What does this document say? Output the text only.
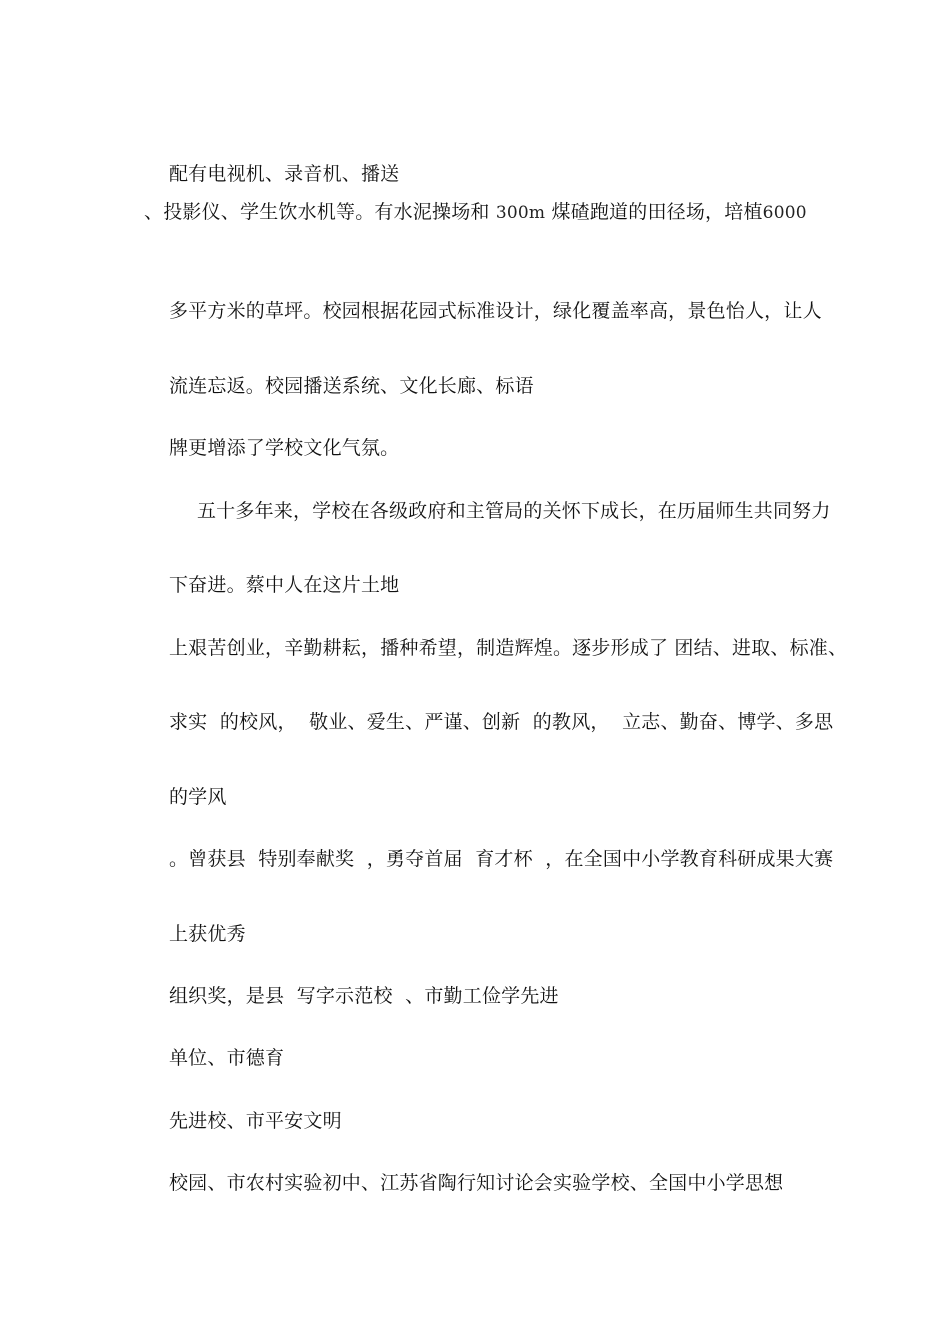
配有电视机、录音机、播送

、投影仪、学生饮水机等。有水泥操场和 300m 煤碴跑道的田径场，培植6000

多平方米的草坪。校园根据花园式标准设计，绿化覆盖率高，景色怡人，让人

流连忘返。校园播送系统、文化长廊、标语

牌更增添了学校文化气氛。

五十多年来，学校在各级政府和主管局的关怀下成长，在历届师生共同努力

下奋进。蔡中人在这片土地

上艰苦创业，辛勤耕耘，播种希望，制造辉煌。逐步形成了 团结、进取、标准、

求实  的校风，  敬业、爱生、严谨、创新  的教风，  立志、勤奋、博学、多思

的学风

。曾获县  特别奉献奖  ，勇夺首届  育才杯  ，在全国中小学教育科研成果大赛

上获优秀

组织奖，是县  写字示范校  、市勤工俭学先进

单位、市德育

先进校、市平安文明

校园、市农村实验初中、江苏省陶行知讨论会实验学校、全国中小学思想
